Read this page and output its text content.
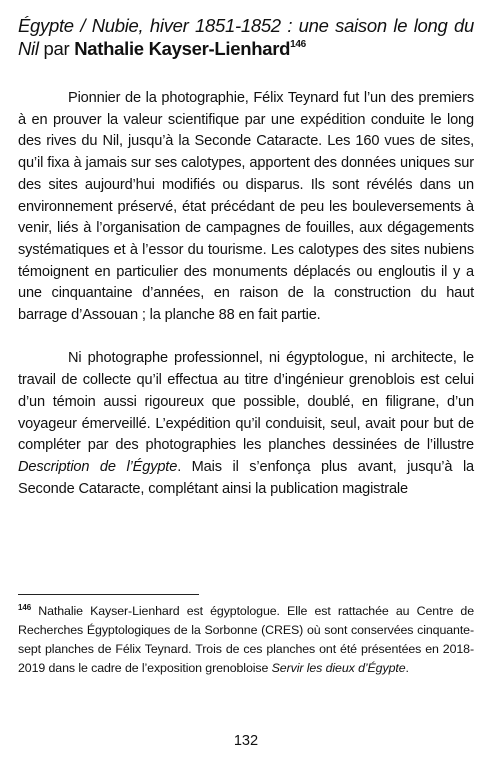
Égypte / Nubie, hiver 1851-1852 : une saison le long du Nil par Nathalie Kayser-Lienhard$^{146}$

Pionnier de la photographie, Félix Teynard fut l’un des premiers à en prouver la valeur scientifique par une expédition conduite le long des rives du Nil, jusqu’à la Seconde Cataracte. Les 160 vues de sites, qu’il fixa à jamais sur ses calotypes, apportent des données uniques sur des sites aujourd’hui modifiés ou disparus. Ils sont révélés dans un environnement préservé, état précédant de peu les bouleversements à venir, liés à l’organisation de campagnes de fouilles, aux dégagements systématiques et à l’essor du tourisme. Les calotypes des sites nubiens témoignent en particulier des monuments déplacés ou engloutis il y a une cinquantaine d’années, en raison de la construction du haut barrage d’Assouan ; la planche 88 en fait partie.

Ni photographe professionnel, ni égyptologue, ni architecte, le travail de collecte qu’il effectua au titre d’ingénieur grenoblois est celui d’un témoin aussi rigoureux que possible, doublé, en filigrane, d’un voyageur émerveillé. L’expédition qu’il conduisit, seul, avait pour but de compléter par des photographies les planches dessinées de l’illustre Description de l’Égypte. Mais il s’enfonça plus avant, jusqu’à la Seconde Cataracte, complétant ainsi la publication magistrale

$^{146}$ Nathalie Kayser-Lienhard est égyptologue. Elle est rattachée au Centre de Recherches Égyptologiques de la Sorbonne (CRES) où sont conservées cinquante-sept planches de Félix Teynard. Trois de ces planches ont été présentées en 2018-2019 dans le cadre de l’exposition grenobloise Servir les dieux d’Égypte.
132
